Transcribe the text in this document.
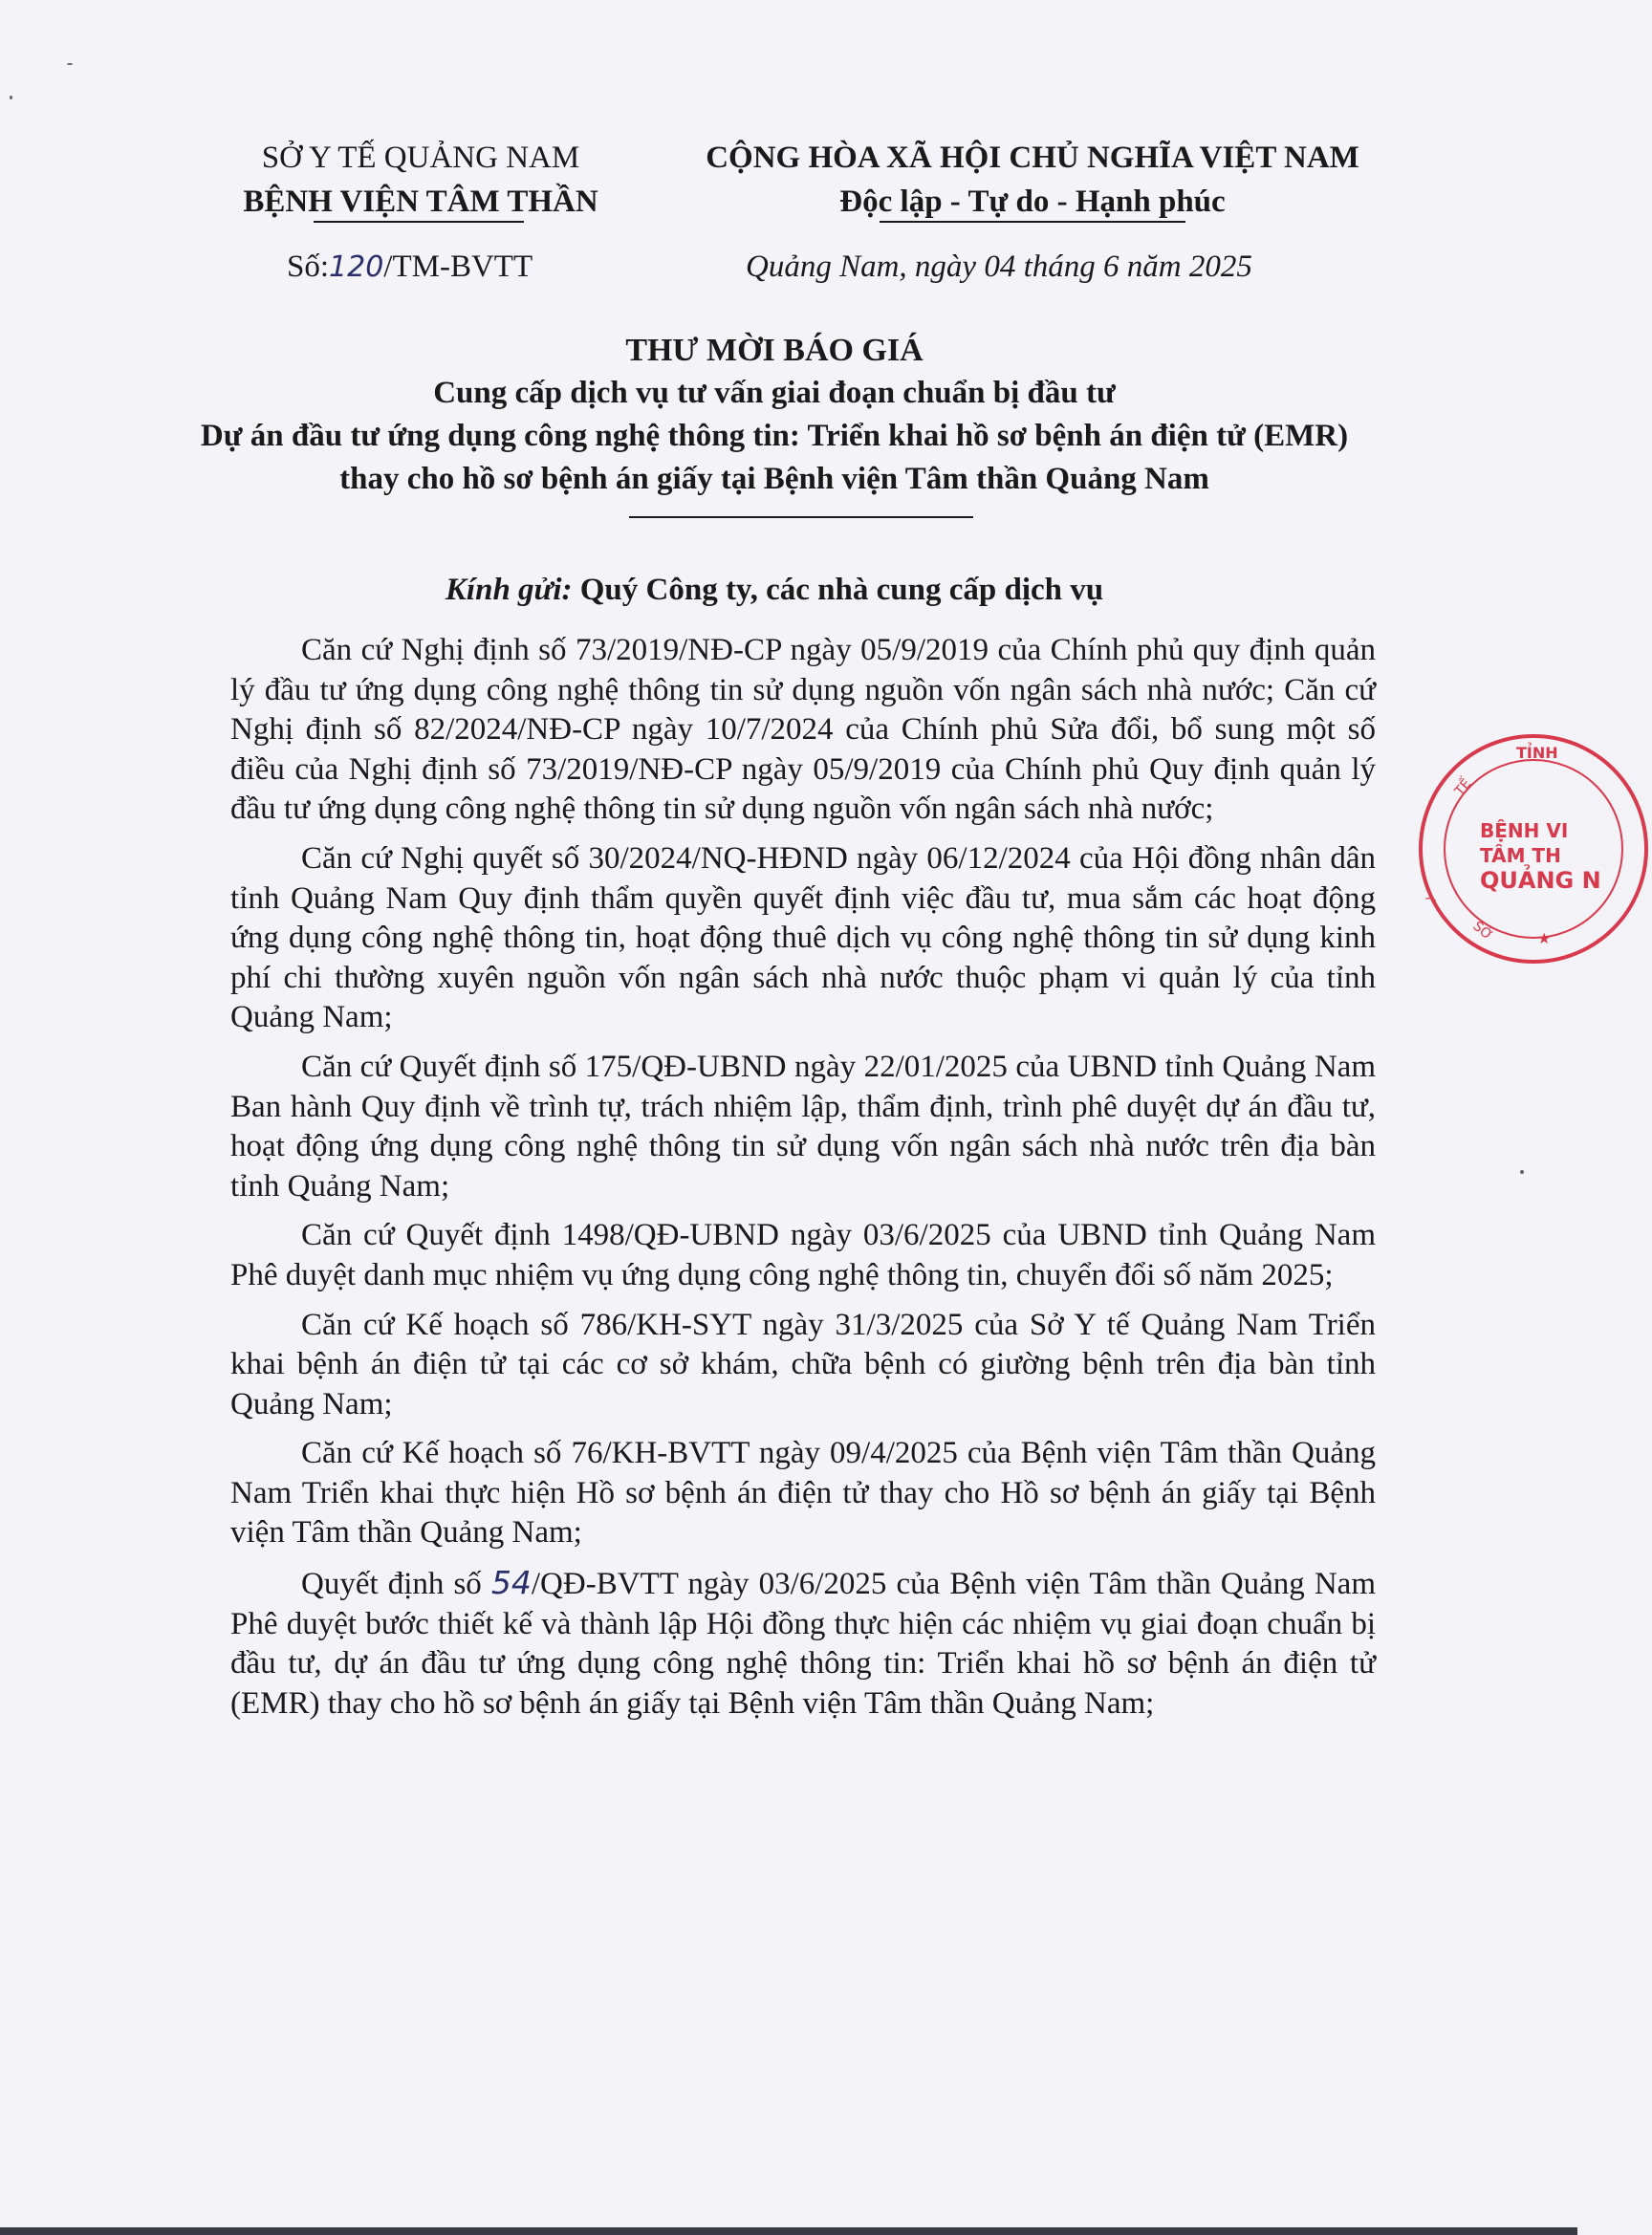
SỞ Y TẾ QUẢNG NAM
BỆNH VIỆN TÂM THẦN
CỘNG HÒA XÃ HỘI CHỦ NGHĨA VIỆT NAM
Độc lập - Tự do - Hạnh phúc
Số:120/TM-BVTT	Quảng Nam, ngày 04 tháng 6 năm 2025
THƯ MỜI BÁO GIÁ
Cung cấp dịch vụ tư vấn giai đoạn chuẩn bị đầu tư
Dự án đầu tư ứng dụng công nghệ thông tin: Triển khai hồ sơ bệnh án điện tử (EMR) thay cho hồ sơ bệnh án giấy tại Bệnh viện Tâm thần Quảng Nam
Kính gửi: Quý Công ty, các nhà cung cấp dịch vụ

Căn cứ Nghị định số 73/2019/NĐ-CP ngày 05/9/2019 của Chính phủ quy định quản lý đầu tư ứng dụng công nghệ thông tin sử dụng nguồn vốn ngân sách nhà nước; Căn cứ Nghị định số 82/2024/NĐ-CP ngày 10/7/2024 của Chính phủ Sửa đổi, bổ sung một số điều của Nghị định số 73/2019/NĐ-CP ngày 05/9/2019 của Chính phủ Quy định quản lý đầu tư ứng dụng công nghệ thông tin sử dụng nguồn vốn ngân sách nhà nước;

Căn cứ Nghị quyết số 30/2024/NQ-HĐND ngày 06/12/2024 của Hội đồng nhân dân tỉnh Quảng Nam Quy định thẩm quyền quyết định việc đầu tư, mua sắm các hoạt động ứng dụng công nghệ thông tin, hoạt động thuê dịch vụ công nghệ thông tin sử dụng kinh phí chi thường xuyên nguồn vốn ngân sách nhà nước thuộc phạm vi quản lý của tỉnh Quảng Nam;

Căn cứ Quyết định số 175/QĐ-UBND ngày 22/01/2025 của UBND tỉnh Quảng Nam Ban hành Quy định về trình tự, trách nhiệm lập, thẩm định, trình phê duyệt dự án đầu tư, hoạt động ứng dụng công nghệ thông tin sử dụng vốn ngân sách nhà nước trên địa bàn tỉnh Quảng Nam;

Căn cứ Quyết định 1498/QĐ-UBND ngày 03/6/2025 của UBND tỉnh Quảng Nam Phê duyệt danh mục nhiệm vụ ứng dụng công nghệ thông tin, chuyển đổi số năm 2025;

Căn cứ Kế hoạch số 786/KH-SYT ngày 31/3/2025 của Sở Y tế Quảng Nam Triển khai bệnh án điện tử tại các cơ sở khám, chữa bệnh có giường bệnh trên địa bàn tỉnh Quảng Nam;

Căn cứ Kế hoạch số 76/KH-BVTT ngày 09/4/2025 của Bệnh viện Tâm thần Quảng Nam Triển khai thực hiện Hồ sơ bệnh án điện tử thay cho Hồ sơ bệnh án giấy tại Bệnh viện Tâm thần Quảng Nam;

Quyết định số 54/QĐ-BVTT ngày 03/6/2025 của Bệnh viện Tâm thần Quảng Nam Phê duyệt bước thiết kế và thành lập Hội đồng thực hiện các nhiệm vụ giai đoạn chuẩn bị đầu tư, dự án đầu tư ứng dụng công nghệ thông tin: Triển khai hồ sơ bệnh án điện tử (EMR) thay cho hồ sơ bệnh án giấy tại Bệnh viện Tâm thần Quảng Nam;

TỈNH
Y
TẾ
SỞ
BỆNH VI
TÂM TH
QUẢNG N
★
